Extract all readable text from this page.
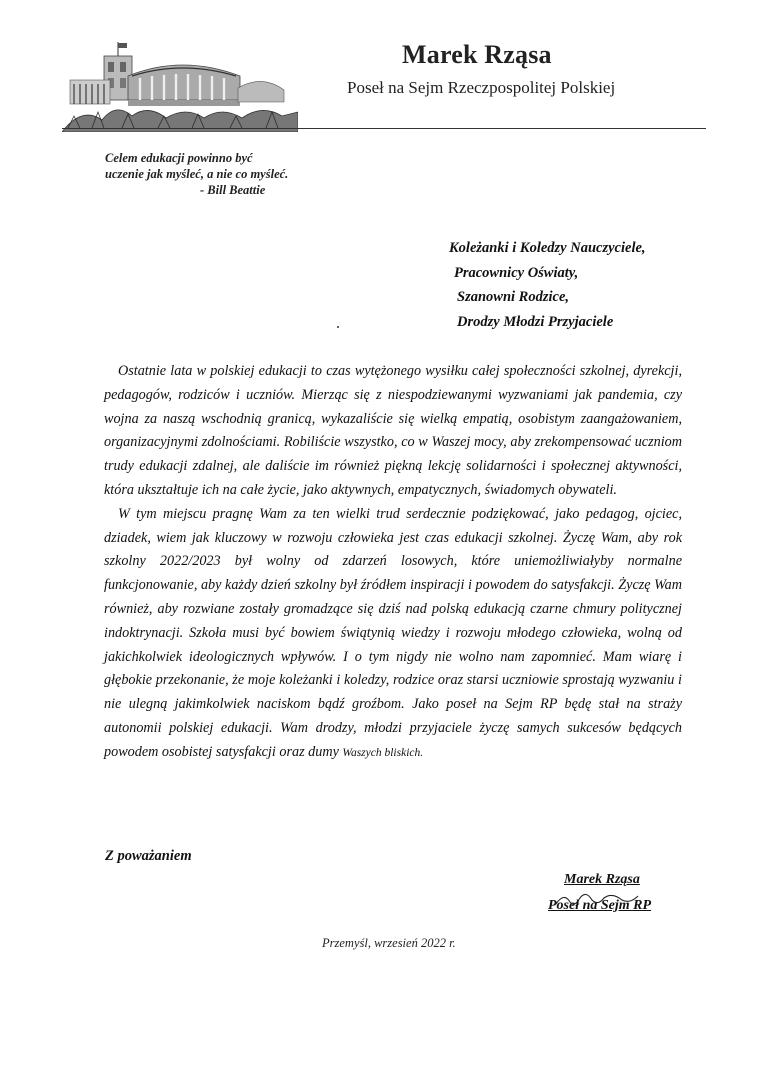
Marek Rząsa
Poseł na Sejm Rzeczpospolitej Polskiej
Celem edukacji powinno być
uczenie jak myśleć, a nie co myśleć.
- Bill Beattie
Koleżanki i Koledzy Nauczyciele,
Pracownicy Oświaty,
Szanowni Rodzice,
Drodzy Młodzi Przyjaciele

Ostatnie lata w polskiej edukacji to czas wytężonego wysiłku całej społeczności szkolnej, dyrekcji, pedagogów, rodziców i uczniów. Mierząc się z niespodziewanymi wyzwaniami jak pandemia, czy wojna za naszą wschodnią granicą, wykazaliście się wielką empatią, osobistym zaangażowaniem, organizacyjnymi zdolnościami. Robiliście wszystko, co w Waszej mocy, aby zrekompensować uczniom trudy edukacji zdalnej, ale daliście im również piękną lekcję solidarności i społecznej aktywności, która ukształtuje ich na całe życie, jako aktywnych, empatycznych, świadomych obywateli.

W tym miejscu pragnę Wam za ten wielki trud serdecznie podziękować, jako pedagog, ojciec, dziadek, wiem jak kluczowy w rozwoju człowieka jest czas edukacji szkolnej. Życzę Wam, aby rok szkolny 2022/2023 był wolny od zdarzeń losowych, które uniemożliwiałyby normalne funkcjonowanie, aby każdy dzień szkolny był źródłem inspiracji i powodem do satysfakcji. Życzę Wam również, aby rozwiane zostały gromadzące się dziś nad polską edukacją czarne chmury politycznej indoktrynacji. Szkoła musi być bowiem świątynią wiedzy i rozwoju młodego człowieka, wolną od jakichkolwiek ideologicznych wpływów. I o tym nigdy nie wolno nam zapomnieć. Mam wiarę i głębokie przekonanie, że moje koleżanki i koledzy, rodzice oraz starsi uczniowie sprostają wyzwaniu i nie ulegną jakimkolwiek naciskom bądź groźbom. Jako poseł na Sejm RP będę stał na straży autonomii polskiej edukacji. Wam drodzy, młodzi przyjaciele życzę samych sukcesów będących powodem osobistej satysfakcji oraz dumy Waszych bliskich.

Z poważaniem
Marek Rząsa
Poseł na Sejm RP
Przemyśl, wrzesień 2022 r.
